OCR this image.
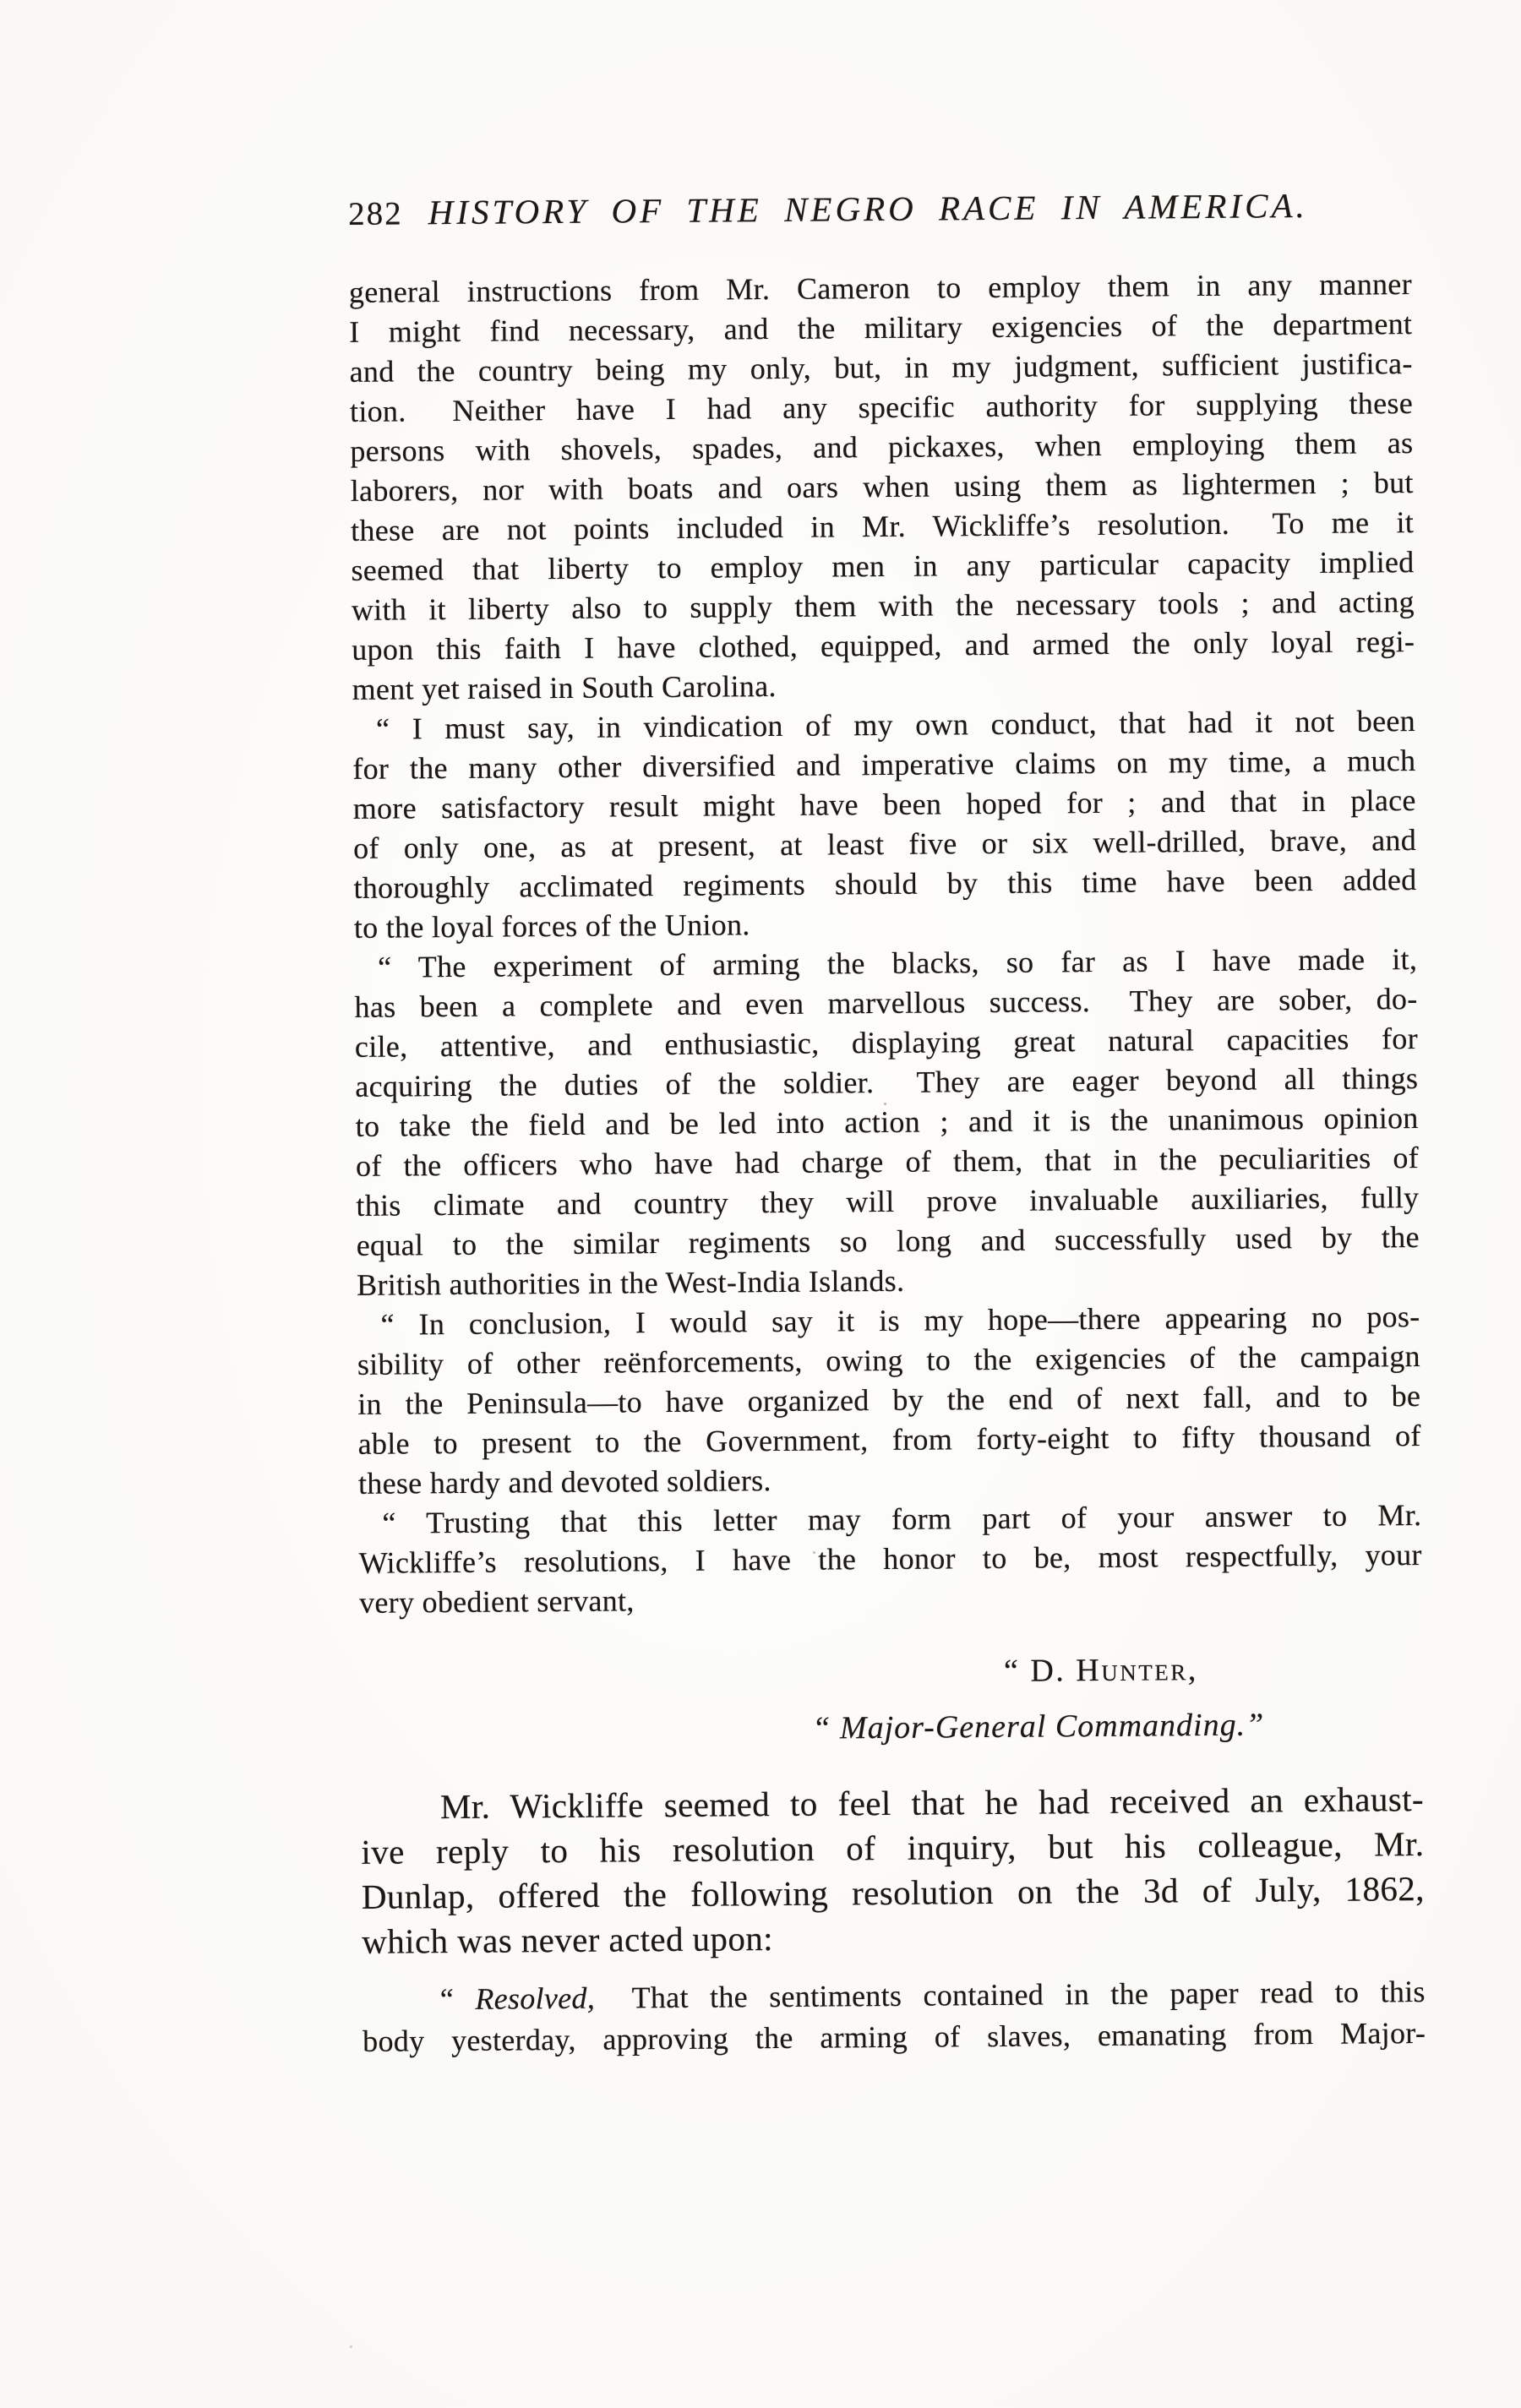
282 HISTORY OF THE NEGRO RACE IN AMERICA.
general instructions from Mr. Cameron to employ them in any manner
I might find necessary, and the military exigencies of the department
and the country being my only, but, in my judgment, sufficient justifica-
tion.  Neither have I had any specific authority for supplying these
persons with shovels, spades, and pickaxes, when employing them as
laborers, nor with boats and oars when using them as lightermen ; but
these are not points included in Mr. Wickliffe’s resolution.  To me it
seemed that liberty to employ men in any particular capacity implied
with it liberty also to supply them with the necessary tools ; and acting
upon this faith I have clothed, equipped, and armed the only loyal regi-
ment yet raised in South Carolina.
“ I must say, in vindication of my own conduct, that had it not been
for the many other diversified and imperative claims on my time, a much
more satisfactory result might have been hoped for ; and that in place
of only one, as at present, at least five or six well-drilled, brave, and
thoroughly acclimated regiments should by this time have been added
to the loyal forces of the Union.
“ The experiment of arming the blacks, so far as I have made it,
has been a complete and even marvellous success.  They are sober, do-
cile, attentive, and enthusiastic, displaying great natural capacities for
acquiring the duties of the soldier.  They are eager beyond all things
to take the field and be led into action ; and it is the unanimous opinion
of the officers who have had charge of them, that in the peculiarities of
this climate and country they will prove invaluable auxiliaries, fully
equal to the similar regiments so long and successfully used by the
British authorities in the West-India Islands.
“ In conclusion, I would say it is my hope—there appearing no pos-
sibility of other reënforcements, owing to the exigencies of the campaign
in the Peninsula—to have organized by the end of next fall, and to be
able to present to the Government, from forty-eight to fifty thousand of
these hardy and devoted soldiers.
“ Trusting that this letter may form part of your answer to Mr.
Wickliffe’s resolutions, I have the honor to be, most respectfully, your
very obedient servant,
“ D. Hunter,
“ Major-General Commanding.”
Mr. Wickliffe seemed to feel that he had received an exhaust-
ive reply to his resolution of inquiry, but his colleague, Mr.
Dunlap, offered the following resolution on the 3d of July, 1862,
which was never acted upon:
“ Resolved,  That the sentiments contained in the paper read to this
body yesterday, approving the arming of slaves, emanating from Major-
